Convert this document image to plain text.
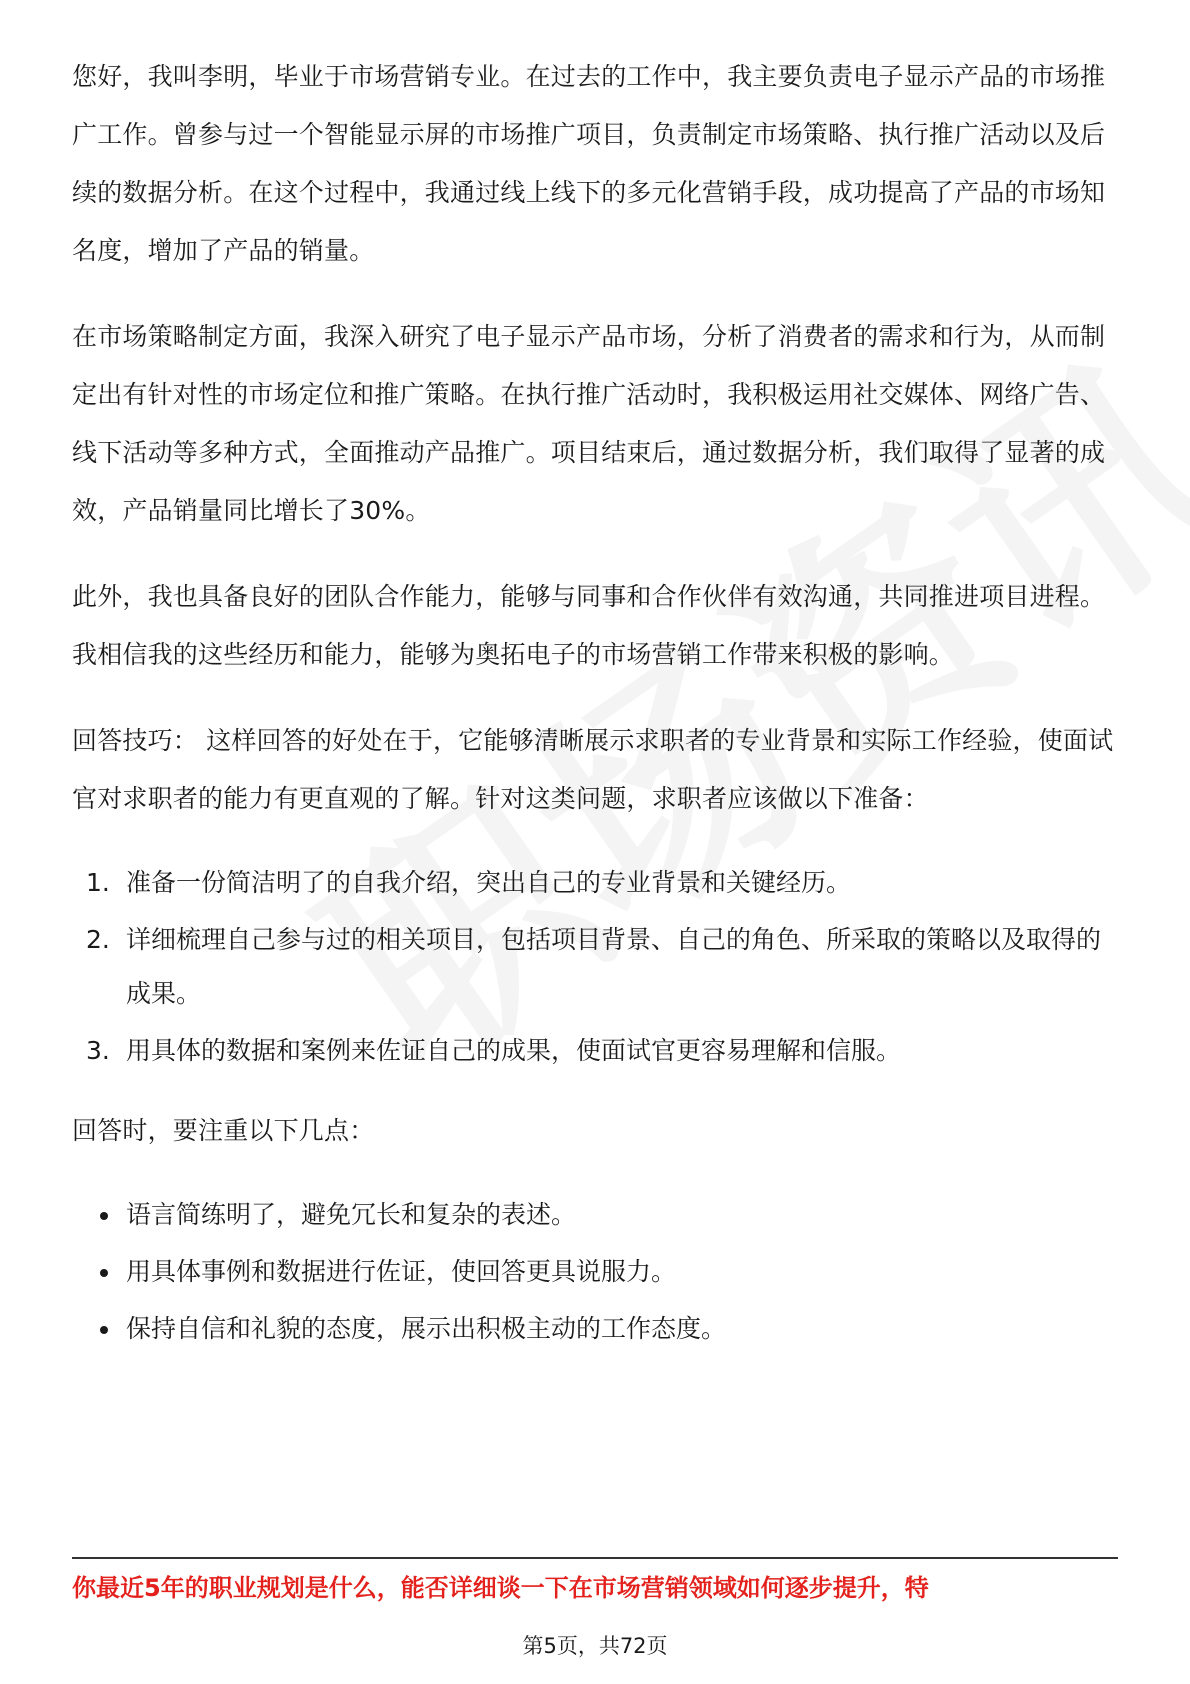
您好，我叫李明，毕业于市场营销专业。在过去的工作中，我主要负责电子显示产品的市场推广工作。曾参与过一个智能显示屏的市场推广项目，负责制定市场策略、执行推广活动以及后续的数据分析。在这个过程中，我通过线上线下的多元化营销手段，成功提高了产品的市场知名度，增加了产品的销量。

在市场策略制定方面，我深入研究了电子显示产品市场，分析了消费者的需求和行为，从而制定出有针对性的市场定位和推广策略。在执行推广活动时，我积极运用社交媒体、网络广告、线下活动等多种方式，全面推动产品推广。项目结束后，通过数据分析，我们取得了显著的成效，产品销量同比增长了30%。

此外，我也具备良好的团队合作能力，能够与同事和合作伙伴有效沟通，共同推进项目进程。我相信我的这些经历和能力，能够为奥拓电子的市场营销工作带来积极的影响。

回答技巧： 这样回答的好处在于，它能够清晰展示求职者的专业背景和实际工作经验，使面试官对求职者的能力有更直观的了解。针对这类问题，求职者应该做以下准备：

1. 准备一份简洁明了的自我介绍，突出自己的专业背景和关键经历。
2. 详细梳理自己参与过的相关项目，包括项目背景、自己的角色、所采取的策略以及取得的成果。
3. 用具体的数据和案例来佐证自己的成果，使面试官更容易理解和信服。

回答时，要注重以下几点：

语言简练明了，避免冗长和复杂的表述。
用具体事例和数据进行佐证，使回答更具说服力。
保持自信和礼貌的态度，展示出积极主动的工作态度。
你最近5年的职业规划是什么，能否详细谈一下在市场营销领域如何逐步提升，特
第5页，共72页
